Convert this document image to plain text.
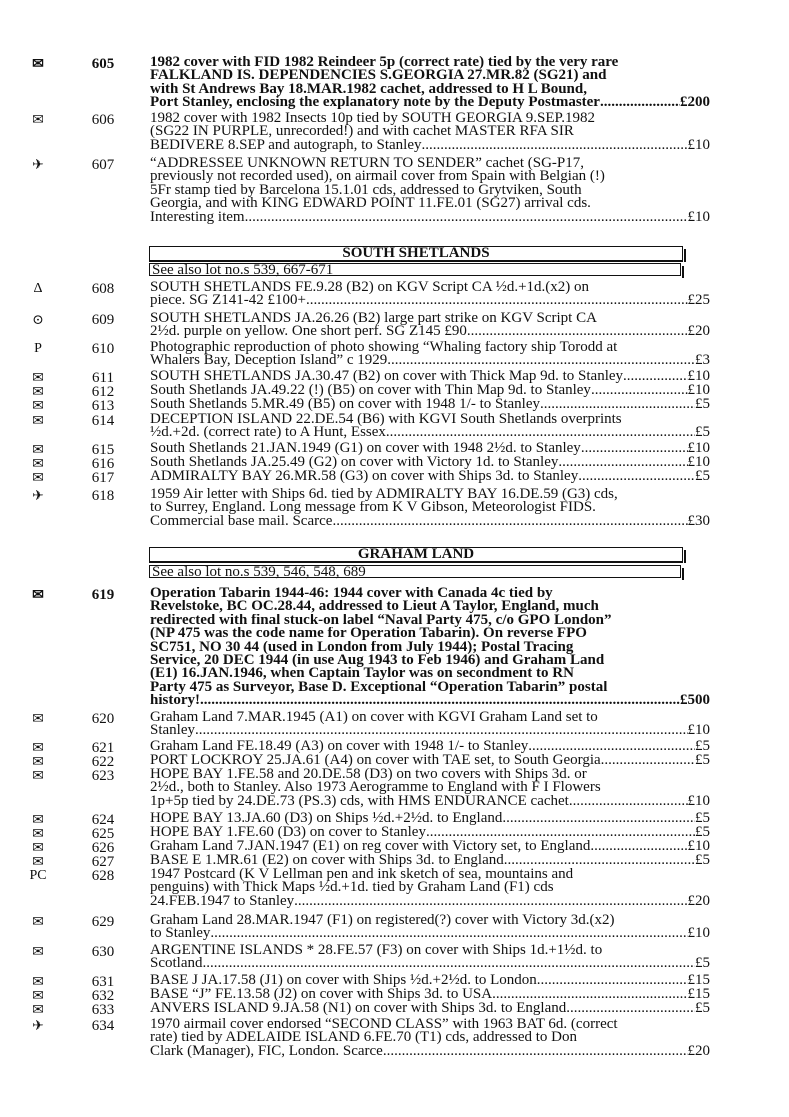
SOUTH SHETLANDS
See also lot no.s 539, 667-671
GRAHAM LAND
See also lot no.s 539, 546, 548, 689
✉	605	1982 cover with FID 1982 Reindeer 5p (correct rate) tied by the very rare
FALKLAND IS. DEPENDENCIES S.GEORGIA 27.MR.82 (SG21) and
with St Andrews Bay 18.MAR.1982 cachet, addressed to H L Bound,
Port Stanley, enclosing the explanatory note by the Deputy Postmaster .....	£200
✉	606	1982 cover with 1982 Insects 10p tied by SOUTH GEORGIA 9.SEP.1982
(SG22 IN PURPLE, unrecorded!) and with cachet MASTER RFA SIR
BEDIVERE 8.SEP and autograph, to Stanley .....	£10
✈	607	“ADDRESSEE UNKNOWN RETURN TO SENDER” cachet (SG-P17,
previously not recorded used), on airmail cover from Spain with Belgian (!)
5Fr stamp tied by Barcelona 15.1.01 cds, addressed to Grytviken, South
Georgia, and with KING EDWARD POINT 11.FE.01 (SG27) arrival cds.
Interesting item .....	£10
Δ	608	SOUTH SHETLANDS FE.9.28 (B2) on KGV Script CA ½d.+1d.(x2) on
piece. SG Z141-42 £100+ .....	£25
⊙	609	SOUTH SHETLANDS JA.26.26 (B2) large part strike on KGV Script CA
2½d. purple on yellow. One short perf. SG Z145 £90 .....	£20
P	610	Photographic reproduction of photo showing “Whaling factory ship Torodd at
Whalers Bay, Deception Island” c 1929 .....	£3
✉	611	SOUTH SHETLANDS JA.30.47 (B2) on cover with Thick Map 9d. to Stanley .....	£10
✉	612	South Shetlands JA.49.22 (!) (B5) on cover with Thin Map 9d. to Stanley .....	£10
✉	613	South Shetlands 5.MR.49 (B5) on cover with 1948 1/- to Stanley .....	£5
✉	614	DECEPTION ISLAND 22.DE.54 (B6) with KGVI South Shetlands overprints
½d.+2d. (correct rate) to A Hunt, Essex .....	£5
✉	615	South Shetlands 21.JAN.1949 (G1) on cover with 1948 2½d. to Stanley .....	£10
✉	616	South Shetlands JA.25.49 (G2) on cover with Victory 1d. to Stanley .....	£10
✉	617	ADMIRALTY BAY 26.MR.58 (G3) on cover with Ships 3d. to Stanley .....	£5
✈	618	1959 Air letter with Ships 6d. tied by ADMIRALTY BAY 16.DE.59 (G3) cds,
to Surrey, England. Long message from K V Gibson, Meteorologist FIDS.
Commercial base mail. Scarce .....	£30
✉	619	Operation Tabarin 1944-46: 1944 cover with Canada 4c tied by
Revelstoke, BC OC.28.44, addressed to Lieut A Taylor, England, much
redirected with final stuck-on label “Naval Party 475, c/o GPO London”
(NP 475 was the code name for Operation Tabarin). On reverse FPO
SC751, NO 30 44 (used in London from July 1944); Postal Tracing
Service, 20 DEC 1944 (in use Aug 1943 to Feb 1946) and Graham Land
(E1) 16.JAN.1946, when Captain Taylor was on secondment to RN
Party 475 as Surveyor, Base D. Exceptional “Operation Tabarin” postal
history! .....	£500
✉	620	Graham Land 7.MAR.1945 (A1) on cover with KGVI Graham Land set to
Stanley .....	£10
✉	621	Graham Land FE.18.49 (A3) on cover with 1948 1/- to Stanley .....	£5
✉	622	PORT LOCKROY 25.JA.61 (A4) on cover with TAE set, to South Georgia .....	£5
✉	623	HOPE BAY 1.FE.58 and 20.DE.58 (D3) on two covers with Ships 3d. or
2½d., both to Stanley. Also 1973 Aerogramme to England with F I Flowers
1p+5p tied by 24.DE.73 (PS.3) cds, with HMS ENDURANCE cachet .....	£10
✉	624	HOPE BAY 13.JA.60 (D3) on Ships ½d.+2½d. to England .....	£5
✉	625	HOPE BAY 1.FE.60 (D3) on cover to Stanley .....	£5
✉	626	Graham Land 7.JAN.1947 (E1) on reg cover with Victory set, to England .....	£10
✉	627	BASE E 1.MR.61 (E2) on cover with Ships 3d. to England .....	£5
PC	628	1947 Postcard (K V Lellman pen and ink sketch of sea, mountains and
penguins) with Thick Maps ½d.+1d. tied by Graham Land (F1) cds
24.FEB.1947 to Stanley .....	£20
✉	629	Graham Land 28.MAR.1947 (F1) on registered(?) cover with Victory 3d.(x2)
to Stanley .....	£10
✉	630	ARGENTINE ISLANDS * 28.FE.57 (F3) on cover with Ships 1d.+1½d. to
Scotland .....	£5
✉	631	BASE J JA.17.58 (J1) on cover with Ships ½d.+2½d. to London .....	£15
✉	632	BASE “J” FE.13.58 (J2) on cover with Ships 3d. to USA .....	£15
✉	633	ANVERS ISLAND 9.JA.58 (N1) on cover with Ships 3d. to England .....	£5
✈	634	1970 airmail cover endorsed “SECOND CLASS” with 1963 BAT 6d. (correct
rate) tied by ADELAIDE ISLAND 6.FE.70 (T1) cds, addressed to Don
Clark (Manager), FIC, London. Scarce .....	£20
